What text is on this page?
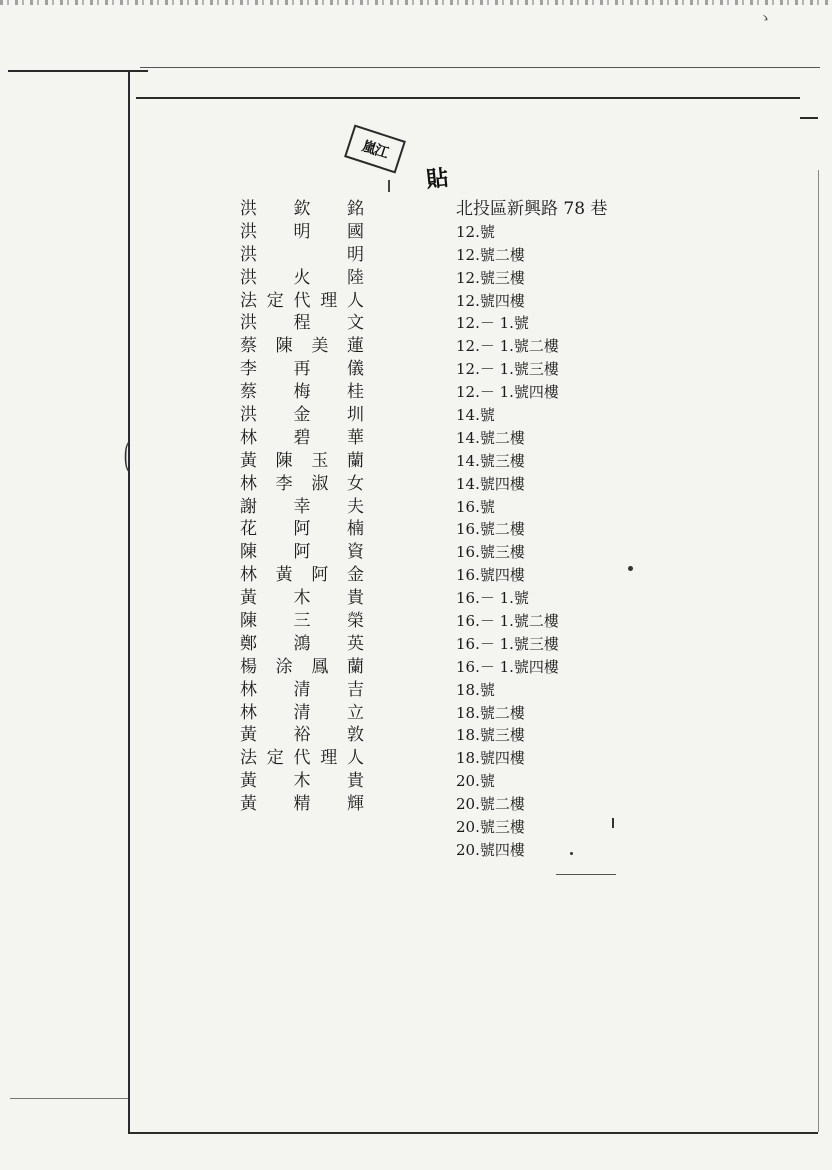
ゝ
(
嵐江
貼
洪欽銘
洪明國
洪明
洪火陸
法定代理人
洪程文
蔡陳美蓮
李再儀
蔡梅桂
洪金圳
林碧華
黃陳玉蘭
林李淑女
謝幸夫
花阿楠
陳阿資
林黃阿金
黃木貴
陳三榮
鄭鴻英
楊涂鳳蘭
林清吉
林清立
黃裕敦
法定代理人
黃木貴
黃精輝
北投區新興路 78 巷
12.號
12.號二樓
12.號三樓
12.號四樓
12.－ 1.號
12.－ 1.號二樓
12.－ 1.號三樓
12.－ 1.號四樓
14.號
14.號二樓
14.號三樓
14.號四樓
16.號
16.號二樓
16.號三樓
16.號四樓
16.－ 1.號
16.－ 1.號二樓
16.－ 1.號三樓
16.－ 1.號四樓
18.號
18.號二樓
18.號三樓
18.號四樓
20.號
20.號二樓
20.號三樓
20.號四樓
